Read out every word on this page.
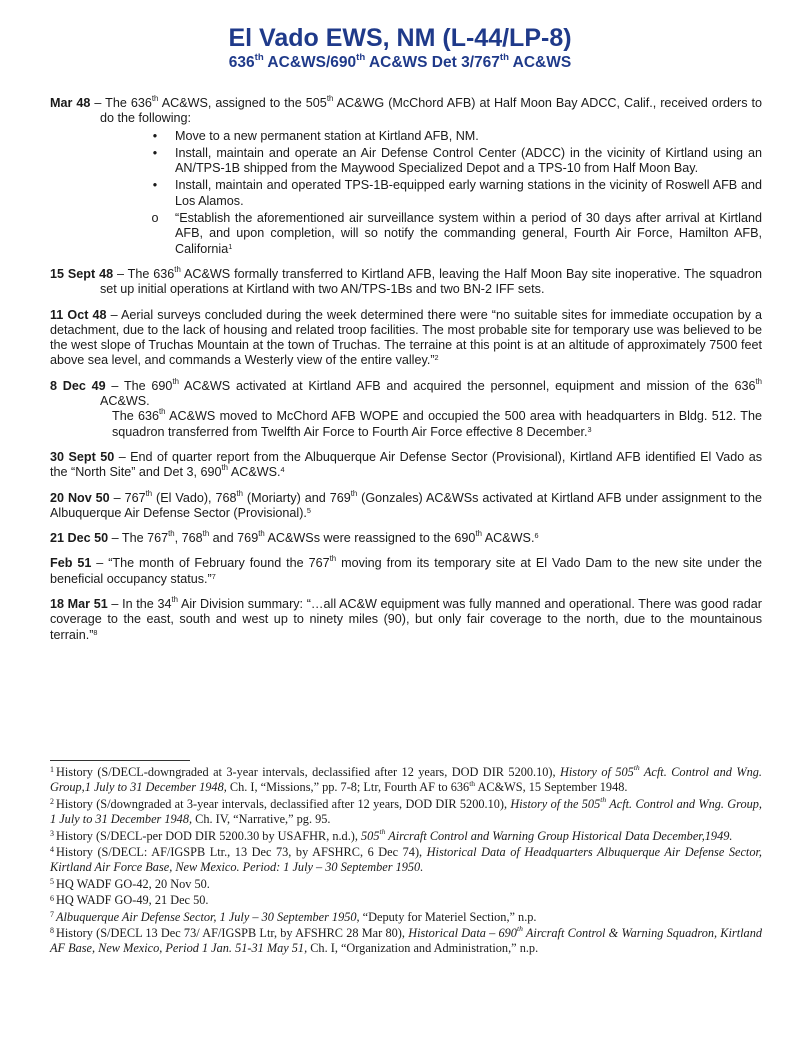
El Vado EWS, NM (L-44/LP-8)
636th AC&WS/690th AC&WS Det 3/767th AC&WS
Mar 48 – The 636th AC&WS, assigned to the 505th AC&WG (McChord AFB) at Half Moon Bay ADCC, Calif., received orders to do the following:
•	Move to a new permanent station at Kirtland AFB, NM.
•	Install, maintain and operate an Air Defense Control Center (ADCC) in the vicinity of Kirtland using an AN/TPS-1B shipped from the Maywood Specialized Depot and a TPS-10 from Half Moon Bay.
•	Install, maintain and operated TPS-1B-equipped early warning stations in the vicinity of Roswell AFB and Los Alamos.
o “Establish the aforementioned air surveillance system within a period of 30 days after arrival at Kirtland AFB, and upon completion, will so notify the commanding general, Fourth Air Force, Hamilton AFB, California$^1$
15 Sept 48 – The 636th AC&WS formally transferred to Kirtland AFB, leaving the Half Moon Bay site inoperative. The squadron set up initial operations at Kirtland with two AN/TPS-1Bs and two BN-2 IFF sets.
11 Oct 48 – Aerial surveys concluded during the week determined there were “no suitable sites for immediate occupation by a detachment, due to the lack of housing and related troop facilities. The most probable site for temporary use was believed to be the west slope of Truchas Mountain at the town of Truchas. The terraine at this point is at an altitude of approximately 7500 feet above sea level, and commands a Westerly view of the entire valley.”$^2$
8 Dec 49 – The 690th AC&WS activated at Kirtland AFB and acquired the personnel, equipment and mission of the 636th AC&WS.
The 636th AC&WS moved to McChord AFB WOPE and occupied the 500 area with headquarters in Bldg. 512. The squadron transferred from Twelfth Air Force to Fourth Air Force effective 8 December.$^3$
30 Sept 50 – End of quarter report from the Albuquerque Air Defense Sector (Provisional), Kirtland AFB identified El Vado as the “North Site” and Det 3, 690th AC&WS.$^4$
20 Nov 50 – 767th (El Vado), 768th (Moriarty) and 769th (Gonzales) AC&WSs activated at Kirtland AFB under assignment to the Albuquerque Air Defense Sector (Provisional).$^5$
21 Dec 50 – The 767th, 768th and 769th AC&WSs were reassigned to the 690th AC&WS.$^6$
Feb 51 – “The month of February found the 767th moving from its temporary site at El Vado Dam to the new site under the beneficial occupancy status.”$^7$
18 Mar 51 – In the 34th Air Division summary: “…all AC&W equipment was fully manned and operational. There was good radar coverage to the east, south and west up to ninety miles (90), but only fair coverage to the north, due to the mountainous terrain.”$^8$
$^1$ History (S/DECL-downgraded at 3-year intervals, declassified after 12 years, DOD DIR 5200.10), History of 505th Acft. Control and Wng. Group,1 July to 31 December 1948, Ch. I, “Missions,” pp. 7-8; Ltr, Fourth AF to 636th AC&WS, 15 September 1948.
$^2$ History (S/downgraded at 3-year intervals, declassified after 12 years, DOD DIR 5200.10), History of the 505th Acft. Control and Wng. Group, 1 July to 31 December 1948, Ch. IV, “Narrative,” pg. 95.
$^3$ History (S/DECL-per DOD DIR 5200.30 by USAFHR, n.d.), 505th Aircraft Control and Warning Group Historical Data December,1949.
$^4$ History (S/DECL: AF/IGSPB Ltr., 13 Dec 73, by AFSHRC, 6 Dec 74), Historical Data of Headquarters Albuquerque Air Defense Sector, Kirtland Air Force Base, New Mexico. Period: 1 July – 30 September 1950.
$^5$ HQ WADF GO-42, 20 Nov 50.
$^6$ HQ WADF GO-49, 21 Dec 50.
$^7$ Albuquerque Air Defense Sector, 1 July – 30 September 1950, “Deputy for Materiel Section,” n.p.
$^8$ History (S/DECL 13 Dec 73/ AF/IGSPB Ltr, by AFSHRC 28 Mar 80), Historical Data – 690th Aircraft Control & Warning Squadron, Kirtland AF Base, New Mexico, Period 1 Jan. 51-31 May 51, Ch. I, “Organization and Administration,” n.p.
